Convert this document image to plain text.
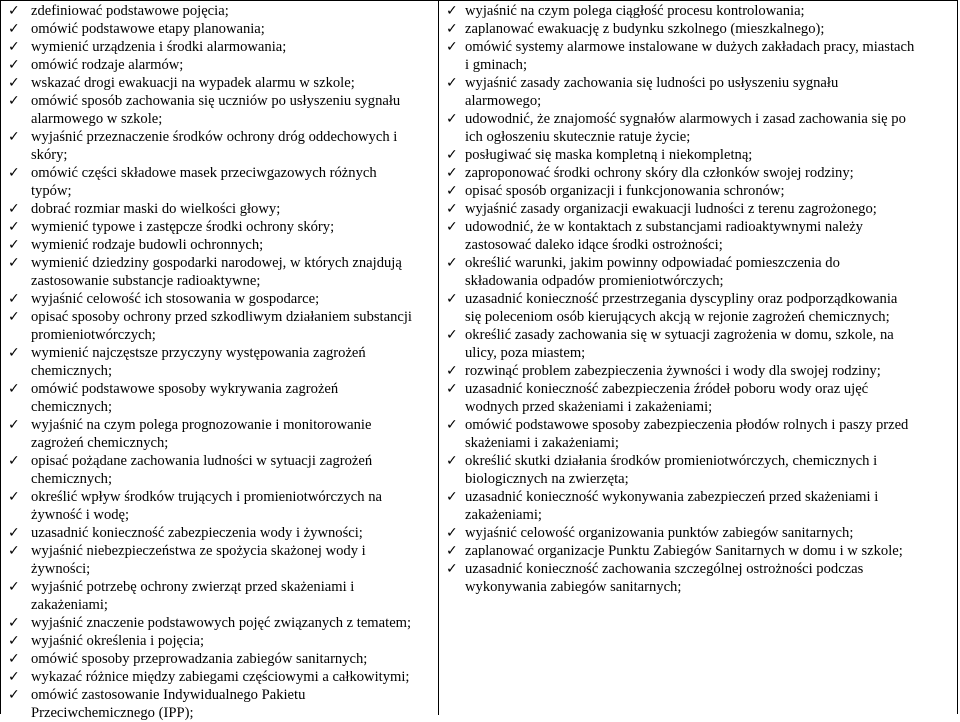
✓ zdefiniować podstawowe pojęcia;
✓ omówić podstawowe etapy planowania;
✓ wymienić urządzenia i środki alarmowania;
✓ omówić rodzaje alarmów;
✓ wskazać drogi ewakuacji na wypadek alarmu w szkole;
✓ omówić sposób zachowania się uczniów po usłyszeniu sygnału
alarmowego w szkole;
✓ wyjaśnić przeznaczenie środków ochrony dróg oddechowych i
skóry;
✓ omówić części składowe masek przeciwgazowych różnych
typów;
✓ dobrać rozmiar maski do wielkości głowy;
✓ wymienić typowe i zastępcze środki ochrony skóry;
✓ wymienić rodzaje budowli ochronnych;
✓ wymienić dziedziny gospodarki narodowej, w których znajdują
zastosowanie substancje radioaktywne;
✓ wyjaśnić celowość ich stosowania w gospodarce;
✓ opisać sposoby ochrony przed szkodliwym działaniem substancji
promieniotwórczych;
✓ wymienić najczęstsze przyczyny występowania zagrożeń
chemicznych;
✓ omówić podstawowe sposoby wykrywania zagrożeń
chemicznych;
✓ wyjaśnić na czym polega prognozowanie i monitorowanie
zagrożeń chemicznych;
✓ opisać pożądane zachowania ludności w sytuacji zagrożeń
chemicznych;
✓ określić wpływ środków trujących i promieniotwórczych na
żywność i wodę;
✓ uzasadnić konieczność zabezpieczenia wody i żywności;
✓ wyjaśnić niebezpieczeństwa ze spożycia skażonej wody i
żywności;
✓ wyjaśnić potrzebę ochrony zwierząt przed skażeniami i
zakażeniami;
✓ wyjaśnić znaczenie podstawowych pojęć związanych z tematem;
✓ wyjaśnić określenia i pojęcia;
✓ omówić sposoby przeprowadzania zabiegów sanitarnych;
✓ wykazać różnice między zabiegami częściowymi a całkowitymi;
✓ omówić zastosowanie Indywidualnego Pakietu
Przeciwchemicznego (IPP);
✓ wyjaśnić na czym polega ciągłość procesu kontrolowania;
✓ zaplanować ewakuację z budynku szkolnego (mieszkalnego);
✓ omówić systemy alarmowe instalowane w dużych zakładach pracy, miastach
i gminach;
✓ wyjaśnić zasady zachowania się ludności po usłyszeniu sygnału
alarmowego;
✓ udowodnić, że znajomość sygnałów alarmowych i zasad zachowania się po
ich ogłoszeniu skutecznie ratuje życie;
✓ posługiwać się maska kompletną i niekompletną;
✓ zaproponować środki ochrony skóry dla członków swojej rodziny;
✓ opisać sposób organizacji i funkcjonowania schronów;
✓ wyjaśnić zasady organizacji ewakuacji ludności z terenu zagrożonego;
✓ udowodnić, że w kontaktach z substancjami radioaktywnymi należy
zastosować daleko idące środki ostrożności;
✓ określić warunki, jakim powinny odpowiadać pomieszczenia do
składowania odpadów promieniotwórczych;
✓ uzasadnić konieczność przestrzegania dyscypliny oraz podporządkowania
się poleceniom osób kierujących akcją w rejonie zagrożeń chemicznych;
✓ określić zasady zachowania się w sytuacji zagrożenia w domu, szkole, na
ulicy, poza miastem;
✓ rozwinąć problem zabezpieczenia żywności i wody dla swojej rodziny;
✓ uzasadnić konieczność zabezpieczenia źródeł poboru wody oraz ujęć
wodnych przed skażeniami i zakażeniami;
✓ omówić podstawowe sposoby zabezpieczenia płodów rolnych i paszy przed
skażeniami i zakażeniami;
✓ określić skutki działania środków promieniotwórczych, chemicznych i
biologicznych na zwierzęta;
✓ uzasadnić konieczność wykonywania zabezpieczeń przed skażeniami i
zakażeniami;
✓ wyjaśnić celowość organizowania punktów zabiegów sanitarnych;
✓ zaplanować organizacje Punktu Zabiegów Sanitarnych w domu i w szkole;
✓ uzasadnić konieczność zachowania szczególnej ostrożności podczas
wykonywania zabiegów sanitarnych;
